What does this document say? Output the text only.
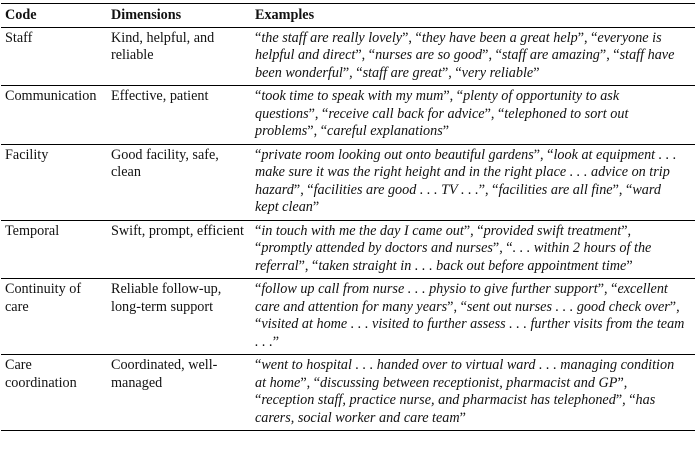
Code	Dimensions	Examples
Staff	Kind, helpful, and reliable	“the staff are really lovely”, “they have been a great help”, “everyone is helpful and direct”, “nurses are so good”, “staff are amazing”, “staff have been wonderful”, “staff are great”, “very reliable”
Communication	Effective, patient	“took time to speak with my mum”, “plenty of opportunity to ask questions”, “receive call back for advice”, “telephoned to sort out problems”, “careful explanations”
Facility	Good facility, safe, clean	“private room looking out onto beautiful gardens”, “look at equipment . . . make sure it was the right height and in the right place . . . advice on trip hazard”, “facilities are good . . . TV . . .”, “facilities are all fine”, “ward kept clean”
Temporal	Swift, prompt, efficient	“in touch with me the day I came out”, “provided swift treatment”, “promptly attended by doctors and nurses”, “. . . within 2 hours of the referral”, “taken straight in . . . back out before appointment time”
Continuity of care	Reliable follow-up, long-term support	“follow up call from nurse . . . physio to give further support”, “excellent care and attention for many years”, “sent out nurses . . . good check over”, “visited at home . . . visited to further assess . . . further visits from the team . . .”
Care coordination	Coordinated, well-managed	“went to hospital . . . handed over to virtual ward . . . managing condition at home”, “discussing between receptionist, pharmacist and GP”, “reception staff, practice nurse, and pharmacist has telephoned”, “has carers, social worker and care team”
